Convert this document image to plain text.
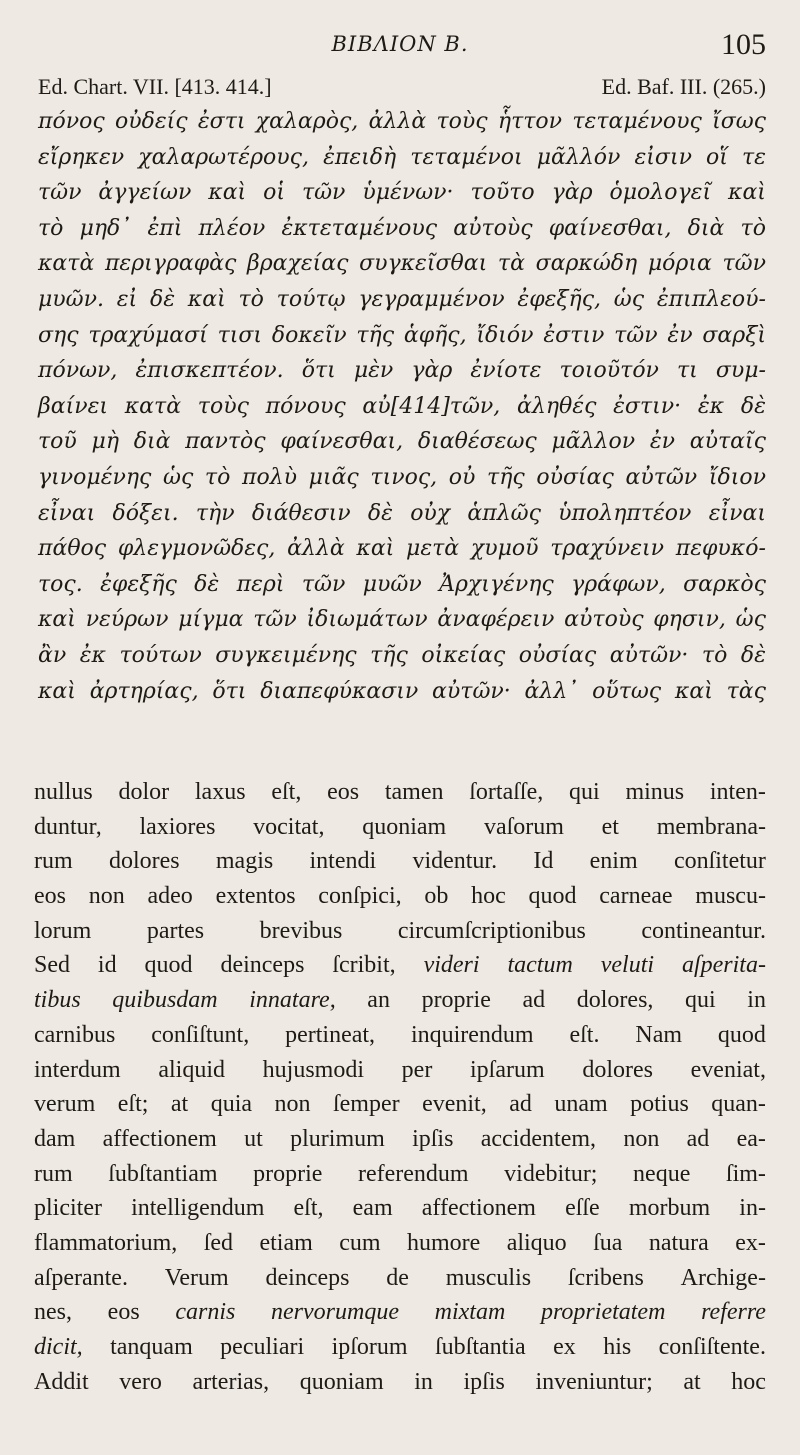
BIBΛΙΟΝ B.	105
Ed. Chart. VII. [413. 414.]	Ed. Baf. III. (265.)
πόνος οὐδείς ἐστι χαλαρὸς, ἀλλὰ τοὺς ἧττον τεταμένους ἴσως
εἴρηκεν χαλαρωτέρους, ἐπειδὴ τεταμένοι μᾶλλόν εἰσιν οἵ τε
τῶν ἀγγείων καὶ οἱ τῶν ὑμένων· τοῦτο γὰρ ὁμολογεῖ καὶ
τὸ μηδ᾽ ἐπὶ πλέον ἐκτεταμένους αὐτοὺς φαίνεσθαι, διὰ τὸ
κατὰ περιγραφὰς βραχείας συγκεῖσθαι τὰ σαρκώδη μόρια τῶν
μυῶν. εἰ δὲ καὶ τὸ τούτῳ γεγραμμένον ἐφεξῆς, ὡς ἐπιπλεού-
σης τραχύμασί τισι δοκεῖν τῆς ἁφῆς, ἴδιόν ἐστιν τῶν ἐν σαρξὶ
πόνων, ἐπισκεπτέον. ὅτι μὲν γὰρ ἐνίοτε τοιοῦτόν τι συμ-
βαίνει κατὰ τοὺς πόνους αὐ[414]τῶν, ἀληθές ἐστιν· ἐκ δὲ
τοῦ μὴ διὰ παντὸς φαίνεσθαι, διαθέσεως μᾶλλον ἐν αὐταῖς
γινομένης ὡς τὸ πολὺ μιᾶς τινος, οὐ τῆς οὐσίας αὐτῶν ἴδιον
εἶναι δόξει. τὴν διάθεσιν δὲ οὐχ ἁπλῶς ὑποληπτέον εἶναι
πάθος φλεγμονῶδες, ἀλλὰ καὶ μετὰ χυμοῦ τραχύνειν πεφυκό-
τος. ἐφεξῆς δὲ περὶ τῶν μυῶν Ἀρχιγένης γράφων, σαρκὸς
καὶ νεύρων μίγμα τῶν ἰδιωμάτων ἀναφέρειν αὐτοὺς φησιν, ὡς
ἂν ἐκ τούτων συγκειμένης τῆς οἰκείας οὐσίας αὐτῶν· τὸ δὲ
καὶ ἀρτηρίας, ὅτι διαπεφύκασιν αὐτῶν· ἀλλ᾽ οὕτως καὶ τὰς
nullus dolor laxus eſt, eos tamen ſortaſſe, qui minus inten-
duntur, laxiores vocitat, quoniam vaſorum et membrana-
rum dolores magis intendi videntur. Id enim conſitetur
eos non adeo extentos conſpici, ob hoc quod carneae muscu-
lorum partes brevibus circumſcriptionibus contineantur.
Sed id quod deinceps ſcribit, videri tactum veluti aſperita-
tibus quibusdam innatare, an proprie ad dolores, qui in
carnibus conſiſtunt, pertineat, inquirendum eſt. Nam quod
interdum aliquid hujusmodi per ipſarum dolores eveniat,
verum eſt; at quia non ſemper evenit, ad unam potius quan-
dam affectionem ut plurimum ipſis accidentem, non ad ea-
rum ſubſtantiam proprie referendum videbitur; neque ſim-
pliciter intelligendum eſt, eam affectionem eſſe morbum in-
flammatorium, ſed etiam cum humore aliquo ſua natura ex-
aſperante. Verum deinceps de musculis ſcribens Archige-
nes, eos carnis nervorumque mixtam proprietatem referre
dicit, tanquam peculiari ipſorum ſubſtantia ex his conſiſtente.
Addit vero arterias, quoniam in ipſis inveniuntur; at hoc
